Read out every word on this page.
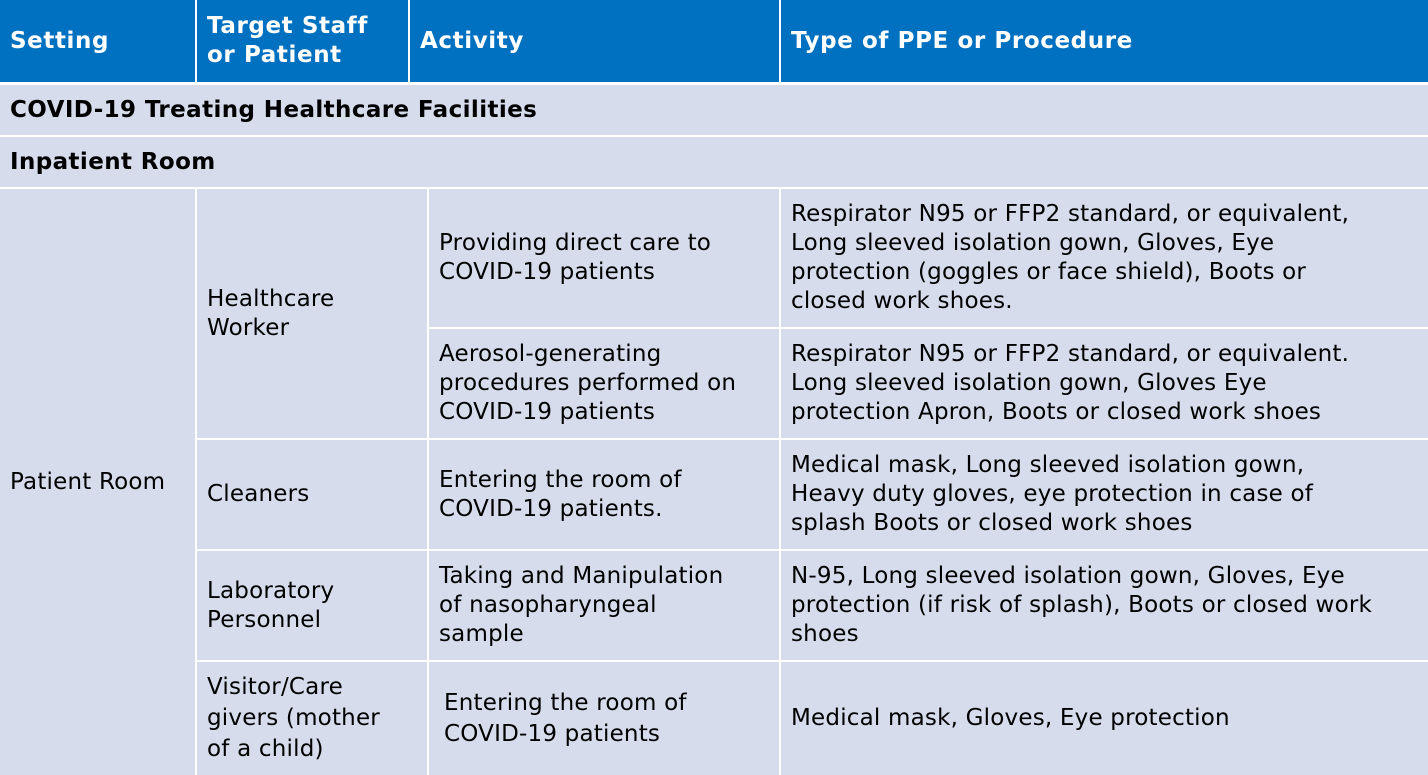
Setting
Target Staff
or Patient
Activity	Type of PPE or Procedure
COVID-19 Treating Healthcare Facilities
Inpatient Room
Patient Room
Healthcare
Worker
Providing direct care to
COVID-19 patients
Respirator N95 or FFP2 standard, or equivalent,
Long sleeved isolation gown, Gloves, Eye
protection (goggles or face shield), Boots or
closed work shoes.
Aerosol-generating
procedures performed on
COVID-19 patients
Respirator N95 or FFP2 standard, or equivalent.
Long sleeved isolation gown, Gloves Eye
protection Apron, Boots or closed work shoes
Cleaners
Entering the room of
COVID-19 patients.
Medical mask, Long sleeved isolation gown,
Heavy duty gloves, eye protection in case of
splash Boots or closed work shoes
Laboratory
Personnel
Taking and Manipulation
of nasopharyngeal
sample
N-95, Long sleeved isolation gown, Gloves, Eye
protection (if risk of splash), Boots or closed work
shoes
Visitor/Care
givers (mother
of a child)
Entering the room of
COVID-19 patients
Medical mask, Gloves, Eye protection
